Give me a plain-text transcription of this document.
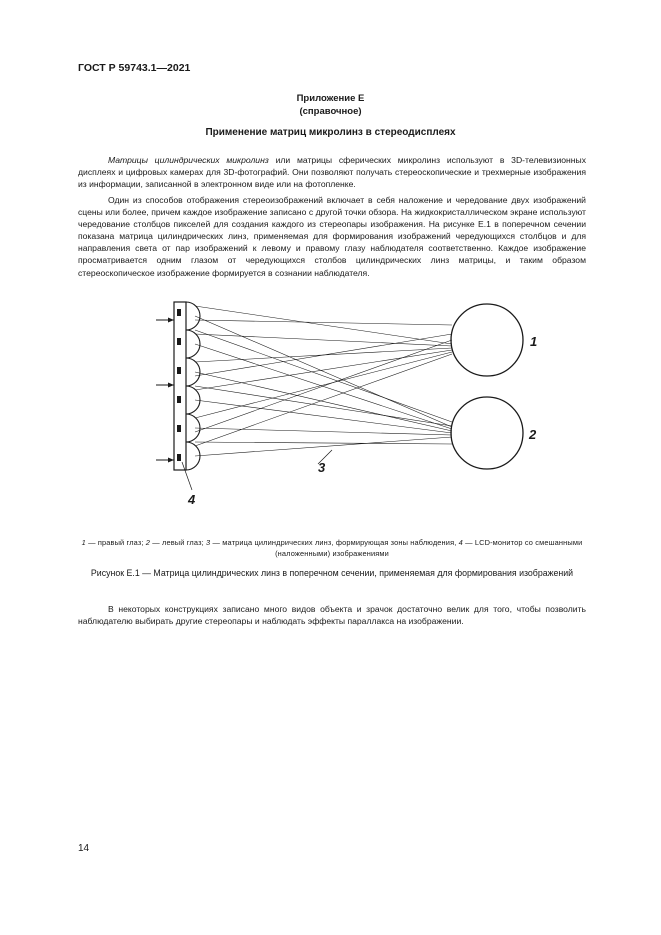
ГОСТ Р 59743.1—2021
Приложение Е
(справочное)
Применение матриц микролинз в стереодисплеях

Матрицы цилиндрических микролинз или матрицы сферических микролинз используют в 3D-телевизионных дисплеях и цифровых камерах для 3D-фотографий. Они позволяют получать стереоскопические и трехмерные изображения из информации, записанной в электронном виде или на фотопленке.

Один из способов отображения стереоизображений включает в себя наложение и чередование двух изображений сцены или более, причем каждое изображение записано с другой точки обзора. На жидкокристаллическом экране используют чередование столбцов пикселей для создания каждого из стереопары изображения. На рисунке Е.1 в поперечном сечении показана матрица цилиндрических линз, применяемая для формирования изображений чередующихся столбцов и для направления света от пар изображений к левому и правому глазу наблюдателя соответственно. Каждое изображение просматривается одним глазом от чередующихся столбов цилиндрических линз матрицы, и таким образом стереоскопическое изображение формируется в сознании наблюдателя.

1
2
3
4
1 — правый глаз; 2 — левый глаз; 3 — матрица цилиндрических линз, формирующая зоны наблюдения, 4 — LCD-монитор со смешанными (наложенными) изображениями
Рисунок Е.1 — Матрица цилиндрических линз в поперечном сечении, применяемая для формирования изображений

В некоторых конструкциях записано много видов объекта и зрачок достаточно велик для того, чтобы позволить наблюдателю выбирать другие стереопары и наблюдать эффекты параллакса на изображении.

14
